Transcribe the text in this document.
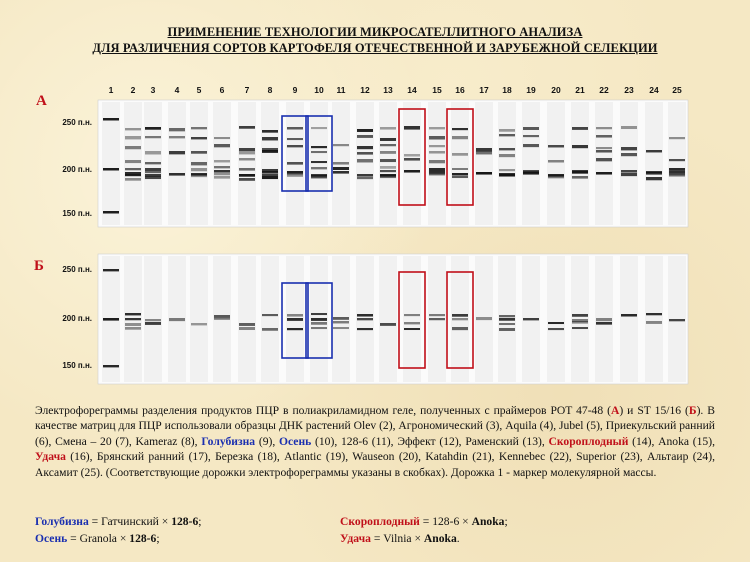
ПРИМЕНЕНИЕ ТЕХНОЛОГИИ МИКРОСАТЕЛЛИТНОГО АНАЛИЗА
ДЛЯ РАЗЛИЧЕНИЯ СОРТОВ КАРТОФЕЛЯ ОТЕЧЕСТВЕННОЙ И ЗАРУБЕЖНОЙ СЕЛЕКЦИИ
А
Б
1 2 3 4 5 6 7 8 9 10 11 12 13 14 15 16 17 18 19 20 21 22 23 24 25
250 п.н.
200 п.н.
150 п.н.
250 п.н.
200 п.н.
150 п.н.
Электрофореграммы разделения продуктов ПЦР в полиакриламидном геле, полученных с праймеров POT 47-48 (А) и ST 15/16 (Б). В качестве матриц для ПЦР использовали образцы ДНК растений Olev (2), Агрономический (3), Aquila (4), Jubel (5), Приекульский ранний (6), Смена – 20 (7), Kameraz (8), Голубизна (9), Осень (10), 128-6 (11), Эффект (12), Раменский (13), Скороплодный (14), Anoka (15), Удача (16), Брянский ранний (17), Березка (18), Atlantic (19), Wauseon (20), Katahdin (21), Kennebec (22), Superior (23), Альтаир (24), Аксамит (25). (Соответствующие дорожки электрофореграммы указаны в скобках). Дорожка 1 - маркер молекулярной массы.
Голубизна = Гатчинский × 128-6;
Осень = Granola × 128-6;
Скороплодный = 128-6 × Anoka;
Удача = Vilnia × Anoka.
